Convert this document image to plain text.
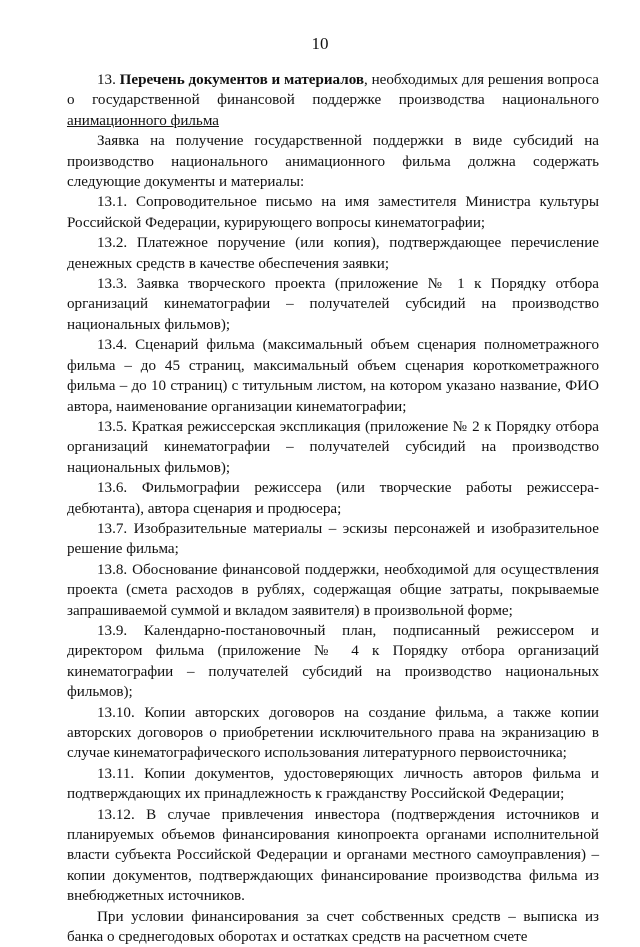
10

13. Перечень документов и материалов, необходимых для решения вопроса о государственной финансовой поддержке производства национального анимационного фильма

Заявка на получение государственной поддержки в виде субсидий на производство национального анимационного фильма должна содержать следующие документы и материалы:

13.1. Сопроводительное письмо на имя заместителя Министра культуры Российской Федерации, курирующего вопросы кинематографии;

13.2. Платежное поручение (или копия), подтверждающее перечисление денежных средств в качестве обеспечения заявки;

13.3. Заявка творческого проекта (приложение № 1 к Порядку отбора организаций кинематографии – получателей субсидий на производство национальных фильмов);

13.4. Сценарий фильма (максимальный объем сценария полнометражного фильма – до 45 страниц, максимальный объем сценария короткометражного фильма – до 10 страниц) с титульным листом, на котором указано название, ФИО автора, наименование организации кинематографии;

13.5. Краткая режиссерская экспликация (приложение № 2 к Порядку отбора организаций кинематографии – получателей субсидий на производство национальных фильмов);

13.6. Фильмографии режиссера (или творческие работы режиссера-дебютанта), автора сценария и продюсера;

13.7. Изобразительные материалы – эскизы персонажей и изобразительное решение фильма;

13.8. Обоснование финансовой поддержки, необходимой для осуществления проекта (смета расходов в рублях, содержащая общие затраты, покрываемые запрашиваемой суммой и вкладом заявителя) в произвольной форме;

13.9. Календарно-постановочный план, подписанный режиссером и директором фильма (приложение № 4 к Порядку отбора организаций кинематографии – получателей субсидий на производство национальных фильмов);

13.10. Копии авторских договоров на создание фильма, а также копии авторских договоров о приобретении исключительного права на экранизацию в случае кинематографического использования литературного первоисточника;

13.11. Копии документов, удостоверяющих личность авторов фильма и подтверждающих их принадлежность к гражданству Российской Федерации;

13.12. В случае привлечения инвестора (подтверждения источников и планируемых объемов финансирования кинопроекта органами исполнительной власти субъекта Российской Федерации и органами местного самоуправления) – копии документов, подтверждающих финансирование производства фильма из внебюджетных источников.

При условии финансирования за счет собственных средств – выписка из банка о среднегодовых оборотах и остатках средств на расчетном счете
